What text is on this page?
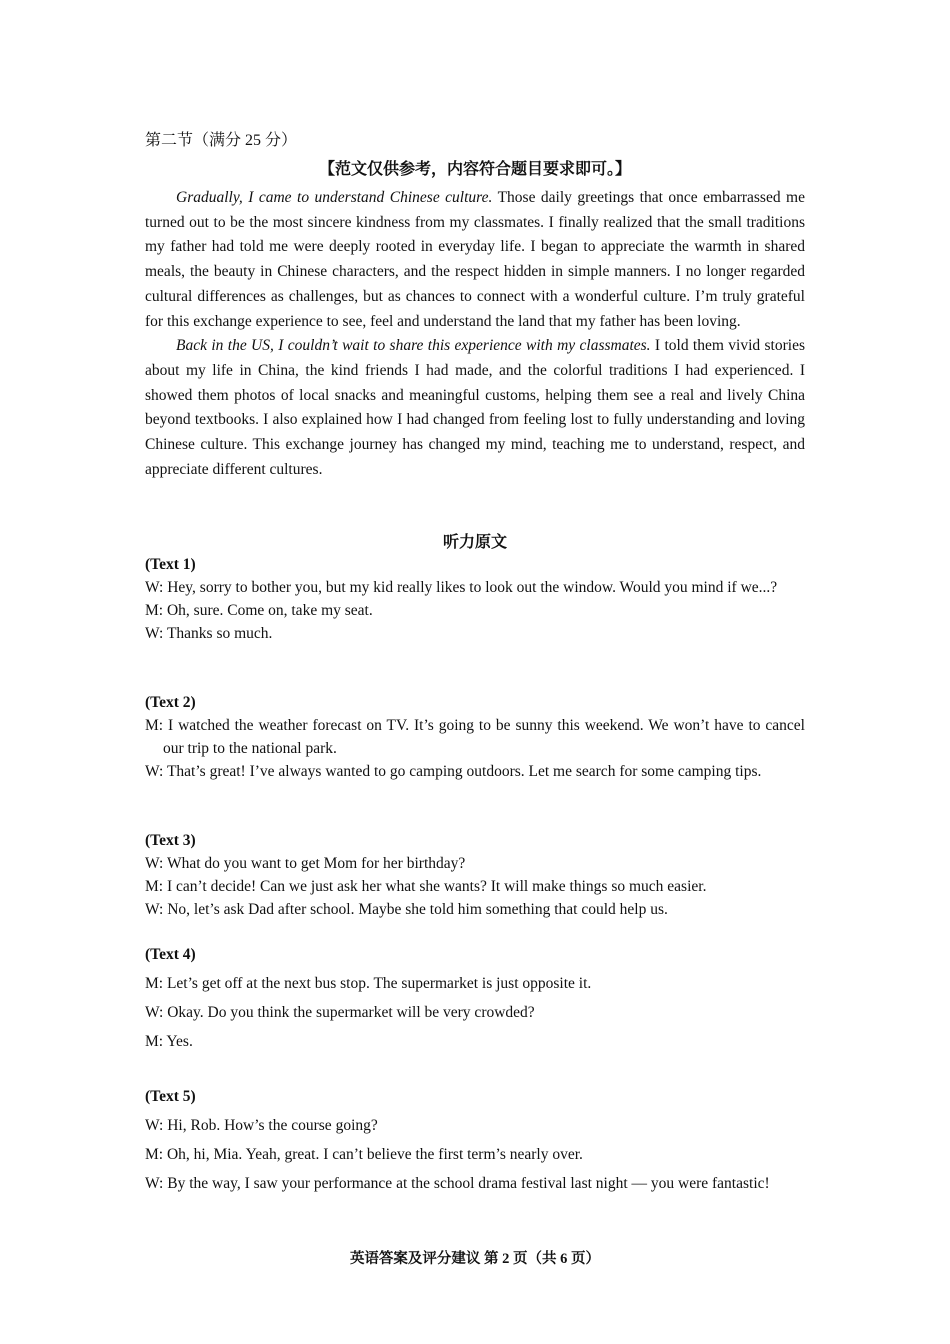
第二节（满分 25 分）
【范文仅供参考，内容符合题目要求即可。】

Gradually, I came to understand Chinese culture. Those daily greetings that once embarrassed me turned out to be the most sincere kindness from my classmates. I finally realized that the small traditions my father had told me were deeply rooted in everyday life. I began to appreciate the warmth in shared meals, the beauty in Chinese characters, and the respect hidden in simple manners. I no longer regarded cultural differences as challenges, but as chances to connect with a wonderful culture. I’m truly grateful for this exchange experience to see, feel and understand the land that my father has been loving.

Back in the US, I couldn’t wait to share this experience with my classmates. I told them vivid stories about my life in China, the kind friends I had made, and the colorful traditions I had experienced. I showed them photos of local snacks and meaningful customs, helping them see a real and lively China beyond textbooks. I also explained how I had changed from feeling lost to fully understanding and loving Chinese culture. This exchange journey has changed my mind, teaching me to understand, respect, and appreciate different cultures.

听力原文

(Text 1)

W: Hey, sorry to bother you, but my kid really likes to look out the window. Would you mind if we...?

M: Oh, sure. Come on, take my seat.

W: Thanks so much.

(Text 2)

M: I watched the weather forecast on TV. It’s going to be sunny this weekend. We won’t have to cancel our trip to the national park.

W: That’s great! I’ve always wanted to go camping outdoors. Let me search for some camping tips.

(Text 3)

W: What do you want to get Mom for her birthday?

M: I can’t decide! Can we just ask her what she wants? It will make things so much easier.

W: No, let’s ask Dad after school. Maybe she told him something that could help us.

(Text 4)

M: Let’s get off at the next bus stop. The supermarket is just opposite it.

W: Okay. Do you think the supermarket will be very crowded?

M: Yes.

(Text 5)

W: Hi, Rob. How’s the course going?

M: Oh, hi, Mia. Yeah, great. I can’t believe the first term’s nearly over.

W: By the way, I saw your performance at the school drama festival last night — you were fantastic!

英语答案及评分建议 第 2 页（共 6 页）
